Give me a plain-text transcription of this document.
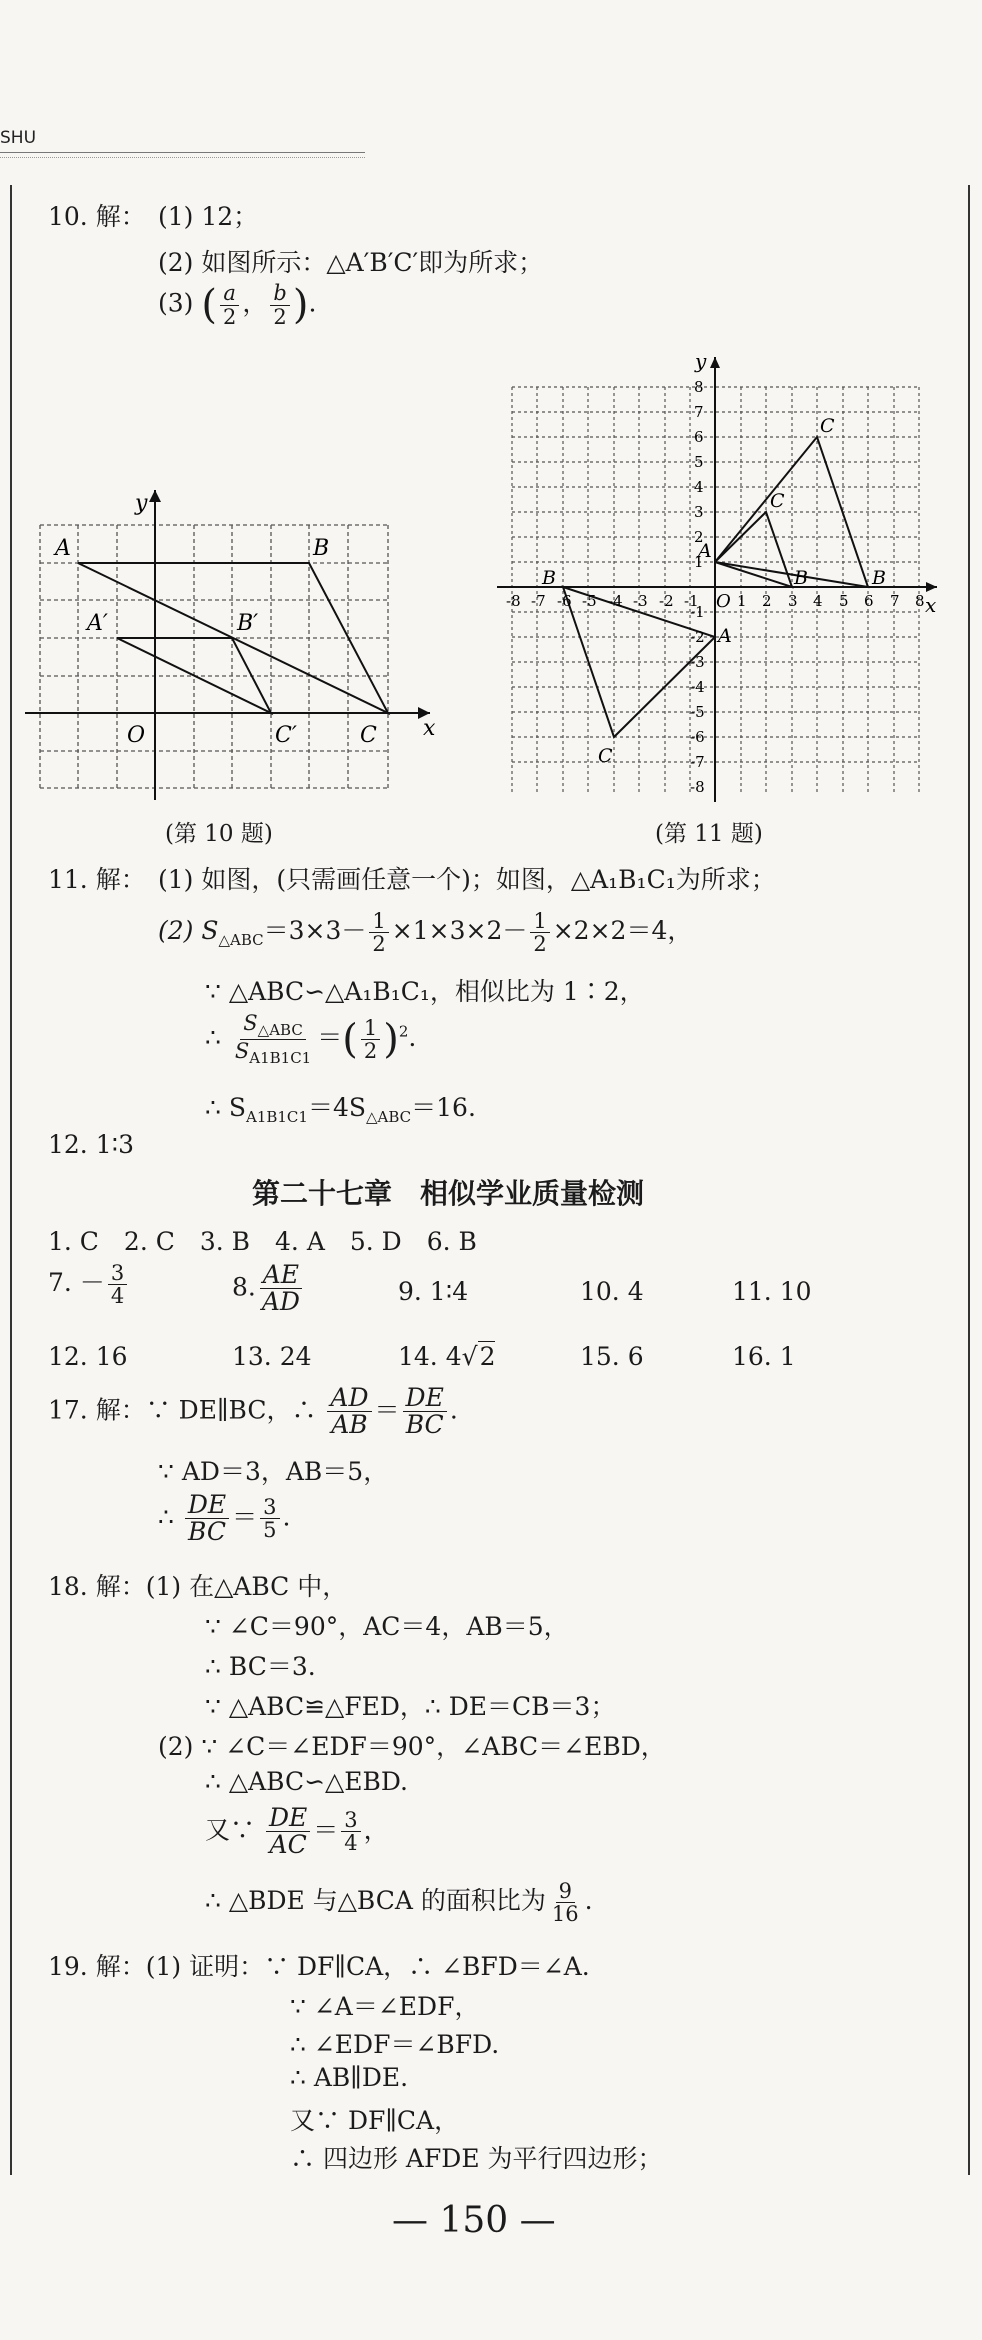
SHU
10. 解： (1) 12；
(2) 如图所示：△A′B′C′即为所求；
(3) ( $\frac{a}{2}$ ， $\frac{b}{2}$ ).
y
x
O
A	B
A′	B′
C′	C
(第 10 题)
-8 -7 -6 -5 -4 -3 -2 -1	1 2 3 4 5 6 7 8
8
7
6
5
4
3
2
1
-1
-2
-3
-4
-5
-6
-7
-8
y
x
O
A
B
C
A
B	B
C
C
(第 11 题)
11. 解： (1) 如图，(只需画任意一个)；如图，△A₁B₁C₁为所求；
(2) $S_{\triangle ABC}=3\times 3- \frac{1}{2} \times 1\times 3\times 2- \frac{1}{2} \times 2\times 2=4$，
∵ △ABC∽△A₁B₁C₁，相似比为 1∶2，
∴ $\frac{S_{\triangle ABC}}{S_{A1B1C1}}$ ＝( $\frac{1}{2} )^2$.
∴ $S_{A1B1C1}=4S_{\triangle ABC}=16$.
12. 1∶3
第二十七章　相似学业质量检测
1. C　2. C　3. B　4. A　5. D　6. B
7. － $\frac{3}{4}$	8. $\frac{AE}{AD}$	9. 1∶4	10. 4	11. 10
12. 16	13. 24	14. 4√2	15. 6	16. 1
17. 解：∵ DE∥BC，∴ $\frac{AD}{AB} = \frac{DE}{BC}$ .
∵ AD＝3，AB＝5，
∴ $\frac{DE}{BC} = \frac{3}{5}$ .
18. 解：(1) 在△ABC 中，
∵ ∠C＝90°，AC＝4，AB＝5，
∴ BC＝3.
∵ △ABC≌△FED，∴ DE＝CB＝3；
(2) ∵ ∠C＝∠EDF＝90°，∠ABC＝∠EBD，
∴ △ABC∽△EBD.
又∵ $\frac{DE}{AC} = \frac{3}{4}$ ，
∴ △BDE 与△BCA 的面积比为 $\frac{9}{16}$ .
19. 解：(1) 证明：∵ DF∥CA，∴ ∠BFD＝∠A.
∵ ∠A＝∠EDF，
∴ ∠EDF＝∠BFD.
∴ AB∥DE.
又∵ DF∥CA，
∴ 四边形 AFDE 为平行四边形；
— 150 —
